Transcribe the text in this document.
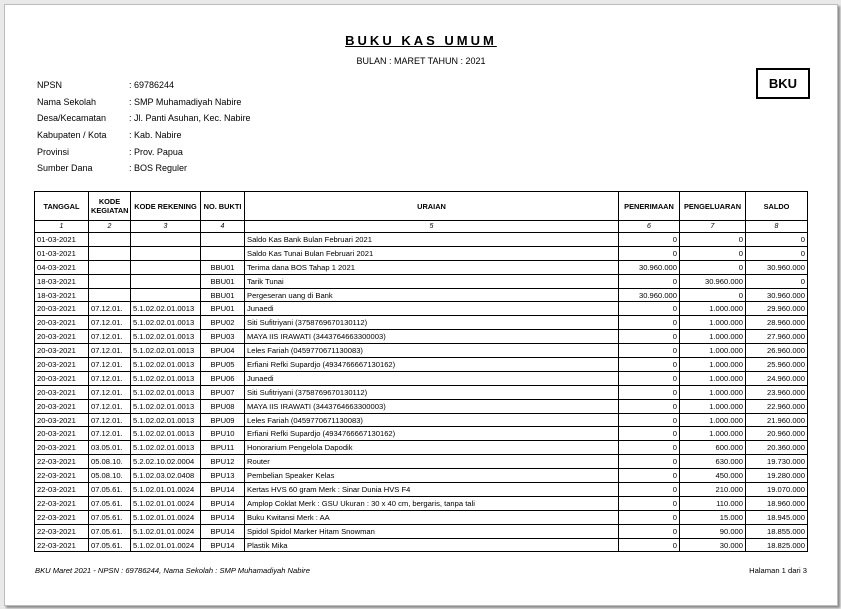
BUKU KAS UMUM
BULAN : MARET TAHUN : 2021
BKU
NPSN	: 69786244
Nama Sekolah	: SMP Muhamadiyah Nabire
Desa/Kecamatan	: Jl. Panti Asuhan, Kec. Nabire
Kabupaten / Kota	: Kab. Nabire
Provinsi	: Prov. Papua
Sumber Dana	: BOS Reguler
TANGGAL	KODE KEGIATAN	KODE REKENING	NO. BUKTI	URAIAN	PENERIMAAN	PENGELUARAN	SALDO
1	2	3	4	5	6	7	8
01-03-2021				Saldo Kas Bank Bulan Februari 2021	0	0	0
01-03-2021				Saldo Kas Tunai Bulan Februari 2021	0	0	0
04-03-2021			BBU01	Terima dana BOS Tahap 1 2021	30.960.000	0	30.960.000
18-03-2021			BBU01	Tarik Tunai	0	30.960.000	0
18-03-2021			BBU01	Pergeseran uang di Bank	30.960.000	0	30.960.000
20-03-2021	07.12.01.	5.1.02.02.01.0013	BPU01	Junaedi	0	1.000.000	29.960.000
20-03-2021	07.12.01.	5.1.02.02.01.0013	BPU02	Siti Sufitriyani (3758769670130112)	0	1.000.000	28.960.000
20-03-2021	07.12.01.	5.1.02.02.01.0013	BPU03	MAYA IIS IRAWATI (3443764663300003)	0	1.000.000	27.960.000
20-03-2021	07.12.01.	5.1.02.02.01.0013	BPU04	Leles Fariah (0459770671130083)	0	1.000.000	26.960.000
20-03-2021	07.12.01.	5.1.02.02.01.0013	BPU05	Erfiani Refki Supardjo (4934766667130162)	0	1.000.000	25.960.000
20-03-2021	07.12.01.	5.1.02.02.01.0013	BPU06	Junaedi	0	1.000.000	24.960.000
20-03-2021	07.12.01.	5.1.02.02.01.0013	BPU07	Siti Sufitriyani (3758769670130112)	0	1.000.000	23.960.000
20-03-2021	07.12.01.	5.1.02.02.01.0013	BPU08	MAYA IIS IRAWATI (3443764663300003)	0	1.000.000	22.960.000
20-03-2021	07.12.01.	5.1.02.02.01.0013	BPU09	Leles Fariah (0459770671130083)	0	1.000.000	21.960.000
20-03-2021	07.12.01.	5.1.02.02.01.0013	BPU10	Erfiani Refki Supardjo (4934766667130162)	0	1.000.000	20.960.000
20-03-2021	03.05.01.	5.1.02.02.01.0013	BPU11	Honorarium Pengelola Dapodik	0	600.000	20.360.000
22-03-2021	05.08.10.	5.2.02.10.02.0004	BPU12	Router	0	630.000	19.730.000
22-03-2021	05.08.10.	5.1.02.03.02.0408	BPU13	Pembelian Speaker Kelas	0	450.000	19.280.000
22-03-2021	07.05.61.	5.1.02.01.01.0024	BPU14	Kertas HVS 60 gram Merk : Sinar Dunia HVS F4	0	210.000	19.070.000
22-03-2021	07.05.61.	5.1.02.01.01.0024	BPU14	Amplop Coklat Merk : GSU Ukuran : 30 x 40 cm, bergaris, tanpa tali	0	110.000	18.960.000
22-03-2021	07.05.61.	5.1.02.01.01.0024	BPU14	Buku Kwitansi Merk : AA	0	15.000	18.945.000
22-03-2021	07.05.61.	5.1.02.01.01.0024	BPU14	Spidol Spidol Marker Hitam Snowman	0	90.000	18.855.000
22-03-2021	07.05.61.	5.1.02.01.01.0024	BPU14	Plastik Mika	0	30.000	18.825.000
BKU Maret 2021 - NPSN : 69786244, Nama Sekolah : SMP Muhamadiyah Nabire	Halaman 1 dari 3
